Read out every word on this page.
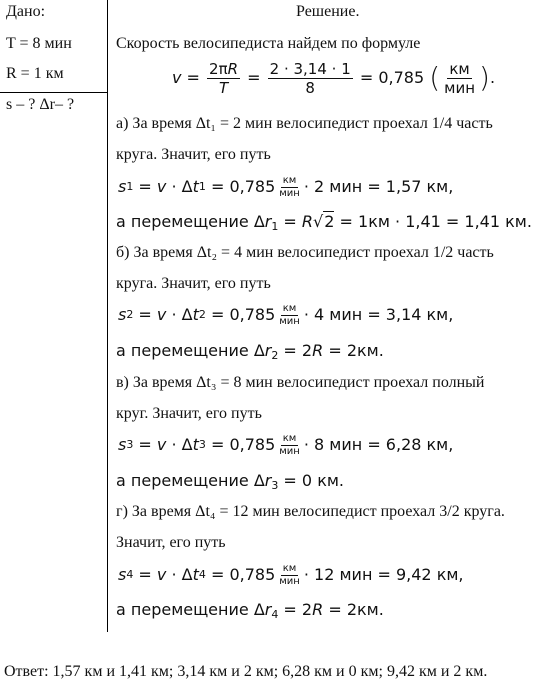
Дано:
T = 8 мин
R = 1 км
s – ? Δr– ?
Решение.
Скорость велосипедиста найдем по формуле
$v = \frac{2\pi R}{T} = \frac{2 \cdot 3,14 \cdot 1}{8} = 0,785$ ( $\frac{км}{\text{мин}}$ ) .
а) За время Δt₁ = 2 мин велосипедист проехал 1/4 часть
круга. Значит, его путь
s 1 = v · Δ t $1 = 0,785 \frac{км}{\text{мин}} \cdot 2$ мин = 1,57 км,
а перемещение $\Delta r_1 = R√2 = 1км \cdot 1,41 = 1,41$ км.
б) За время Δt₂ = 4 мин велосипедист проехал 1/2 часть
круга. Значит, его путь
s 2 = v · Δ t $2 = 0,785 \frac{км}{\text{мин}} \cdot 4$ мин = 3,14 км,
а перемещение $\Delta r_2 = 2R = 2км$.
в) За время Δt₃ = 8 мин велосипедист проехал полный
круг. Значит, его путь
s 3 = v · Δ t $3 = 0,785 \frac{км}{\text{мин}} \cdot 8$ мин = 6,28 км,
а перемещение $\Delta r_3 = 0$ км.
г) За время Δt₄ = 12 мин велосипедист проехал 3/2 круга.
Значит, его путь
s 4 = v · Δ t $4 = 0,785 \frac{км}{\text{мин}} \cdot 12$ мин = 9,42 км,
а перемещение $\Delta r_4 = 2R = 2км$.
Ответ: 1,57 км и 1,41 км; 3,14 км и 2 км; 6,28 км и 0 км; 9,42 км и 2 км.
